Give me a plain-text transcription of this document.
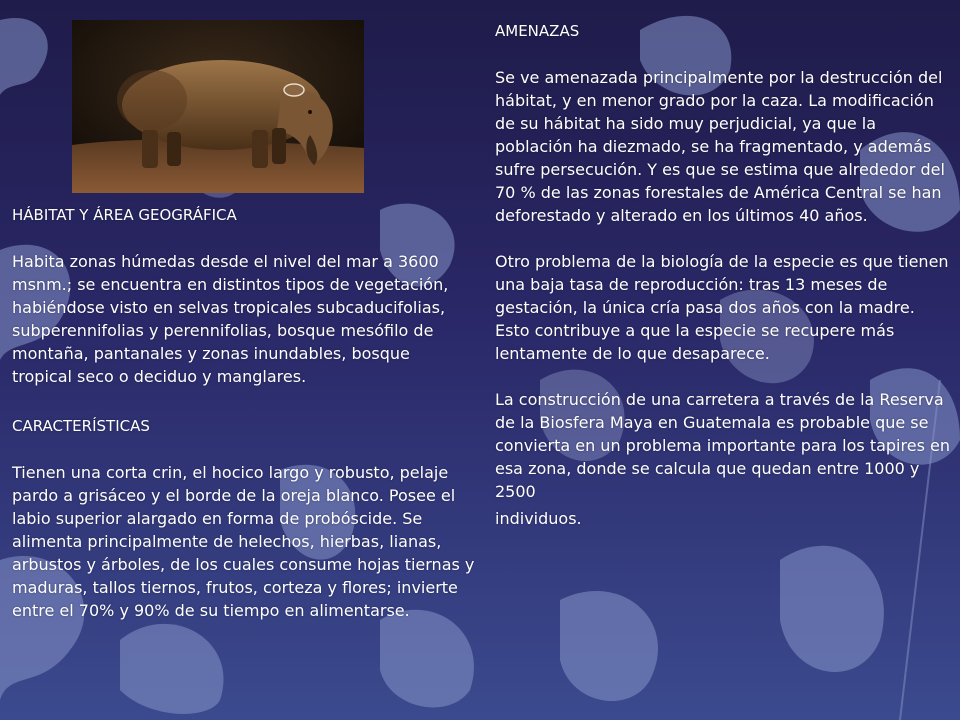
HÁBITAT Y ÁREA GEOGRÁFICA

Habita zonas húmedas desde el nivel del mar a 3600 msnm.; se encuentra en distintos tipos de vegetación, habiéndose visto en selvas tropicales subcaducifolias, subperennifolias y perennifolias, bosque mesófilo de montaña, pantanales y zonas inundables, bosque tropical seco o deciduo y manglares.

CARACTERÍSTICAS

Tienen una corta crin, el hocico largo y robusto, pelaje pardo a grisáceo y el borde de la oreja blanco. Posee el labio superior alargado en forma de probóscide. Se alimenta principalmente de helechos, hierbas, lianas, arbustos y árboles, de los cuales consume hojas tiernas y maduras, tallos tiernos, frutos, corteza y flores; invierte entre el 70% y 90% de su tiempo en alimentarse.

AMENAZAS

Se ve amenazada principalmente por la destrucción del hábitat, y en menor grado por la caza. La modificación de su hábitat ha sido muy perjudicial, ya que la población ha diezmado, se ha fragmentado, y además sufre persecución. Y es que se estima que alrededor del 70 % de las zonas forestales de América Central se han deforestado y alterado en los últimos 40 años.

Otro problema de la biología de la especie es que tienen una baja tasa de reproducción: tras 13 meses de gestación, la única cría pasa dos años con la madre. Esto contribuye a que la especie se recupere más lentamente de lo que desaparece.

La construcción de una carretera a través de la Reserva de la Biosfera Maya en Guatemala es probable que se convierta en un problema importante para los tapires en esa zona, donde se calcula que quedan entre 1000 y 2500
individuos.
